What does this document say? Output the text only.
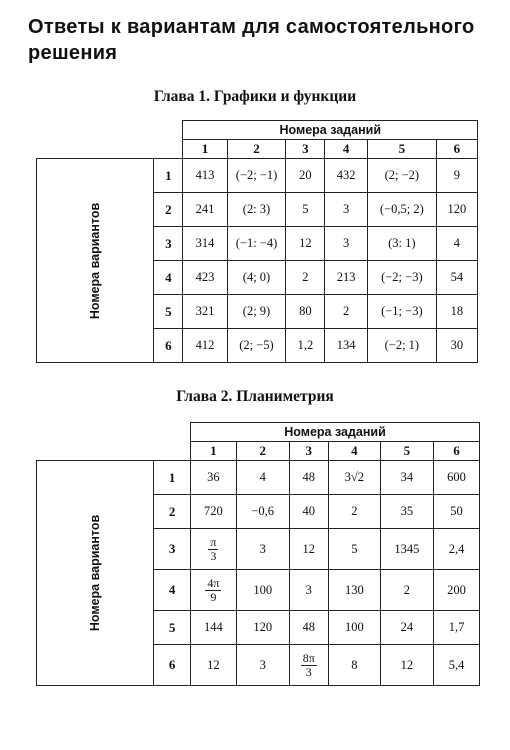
Ответы к вариантам для самостоятельного решения
Глава 1. Графики и функции
		Номера заданий					
		1	2	3	4	5	6
Номера вариантов	1	413	(−2; −1)	20	432	(2; −2)	9
	2	241	(2: 3)	5	3	(−0,5; 2)	120
	3	314	(−1: −4)	12	3	(3: 1)	4
	4	423	(4; 0)	2	213	(−2; −3)	54
	5	321	(2; 9)	80	2	(−1; −3)	18
	6	412	(2; −5)	1,2	134	(−2; 1)	30
Глава 2. Планиметрия
		Номера заданий					
		1	2	3	4	5	6
Номера вариантов	1	36	4	48	3√2	34	600
	2	720	−0,6	40	2	35	50
	3	$\frac{\pi}{3}$	3	12	5	1345	2,4
	4	$\frac{4\pi}{9}$	100	3	130	2	200
	5	144	120	48	100	24	1,7
	6	12	3	$\frac{8\pi}{3}$	8	12	5,4
